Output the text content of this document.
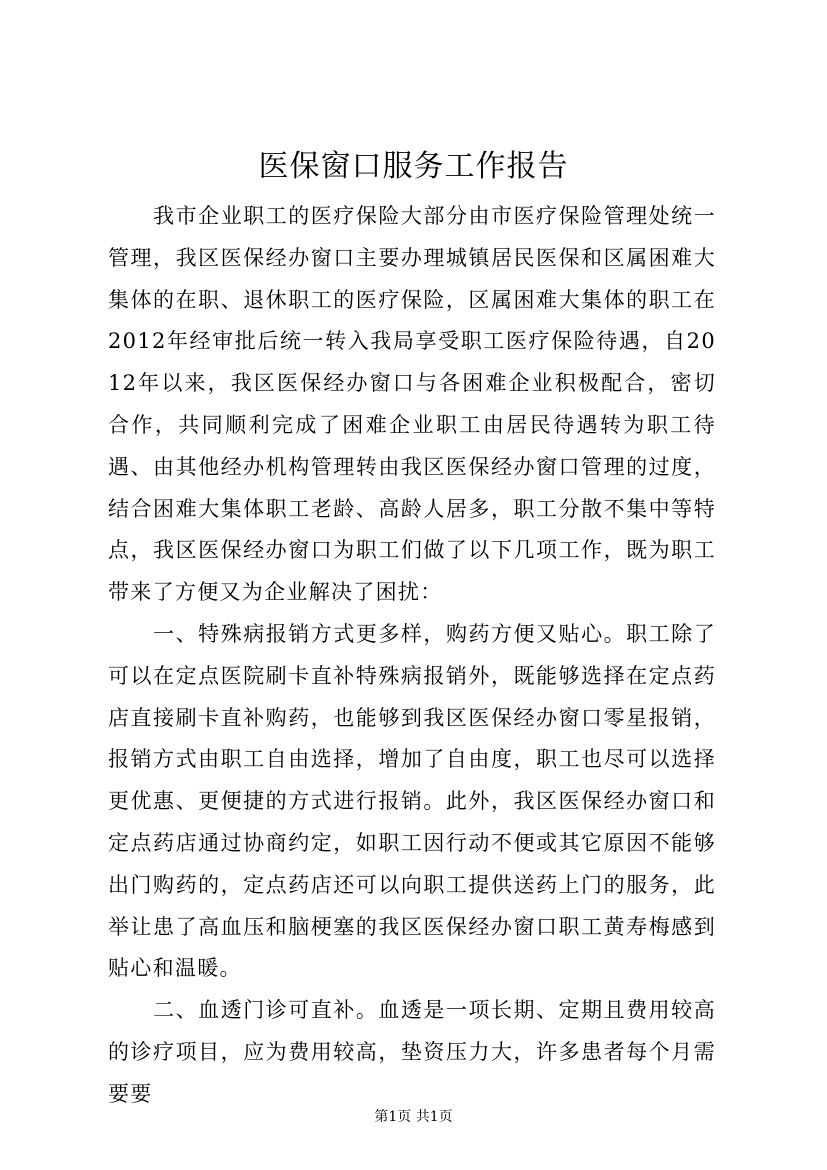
医保窗口服务工作报告

我市企业职工的医疗保险大部分由市医疗保险管理处统一管理，我区医保经办窗口主要办理城镇居民医保和区属困难大集体的在职、退休职工的医疗保险，区属困难大集体的职工在2012年经审批后统一转入我局享受职工医疗保险待遇，自2012年以来，我区医保经办窗口与各困难企业积极配合，密切合作，共同顺利完成了困难企业职工由居民待遇转为职工待遇、由其他经办机构管理转由我区医保经办窗口管理的过度，结合困难大集体职工老龄、高龄人居多，职工分散不集中等特点，我区医保经办窗口为职工们做了以下几项工作，既为职工带来了方便又为企业解决了困扰：

一、特殊病报销方式更多样，购药方便又贴心。职工除了可以在定点医院刷卡直补特殊病报销外，既能够选择在定点药店直接刷卡直补购药，也能够到我区医保经办窗口零星报销，报销方式由职工自由选择，增加了自由度，职工也尽可以选择更优惠、更便捷的方式进行报销。此外，我区医保经办窗口和定点药店通过协商约定，如职工因行动不便或其它原因不能够出门购药的，定点药店还可以向职工提供送药上门的服务，此举让患了高血压和脑梗塞的我区医保经办窗口职工黄寿梅感到贴心和温暖。

二、血透门诊可直补。血透是一项长期、定期且费用较高的诊疗项目，应为费用较高，垫资压力大，许多患者每个月需要要

第1页 共1页
